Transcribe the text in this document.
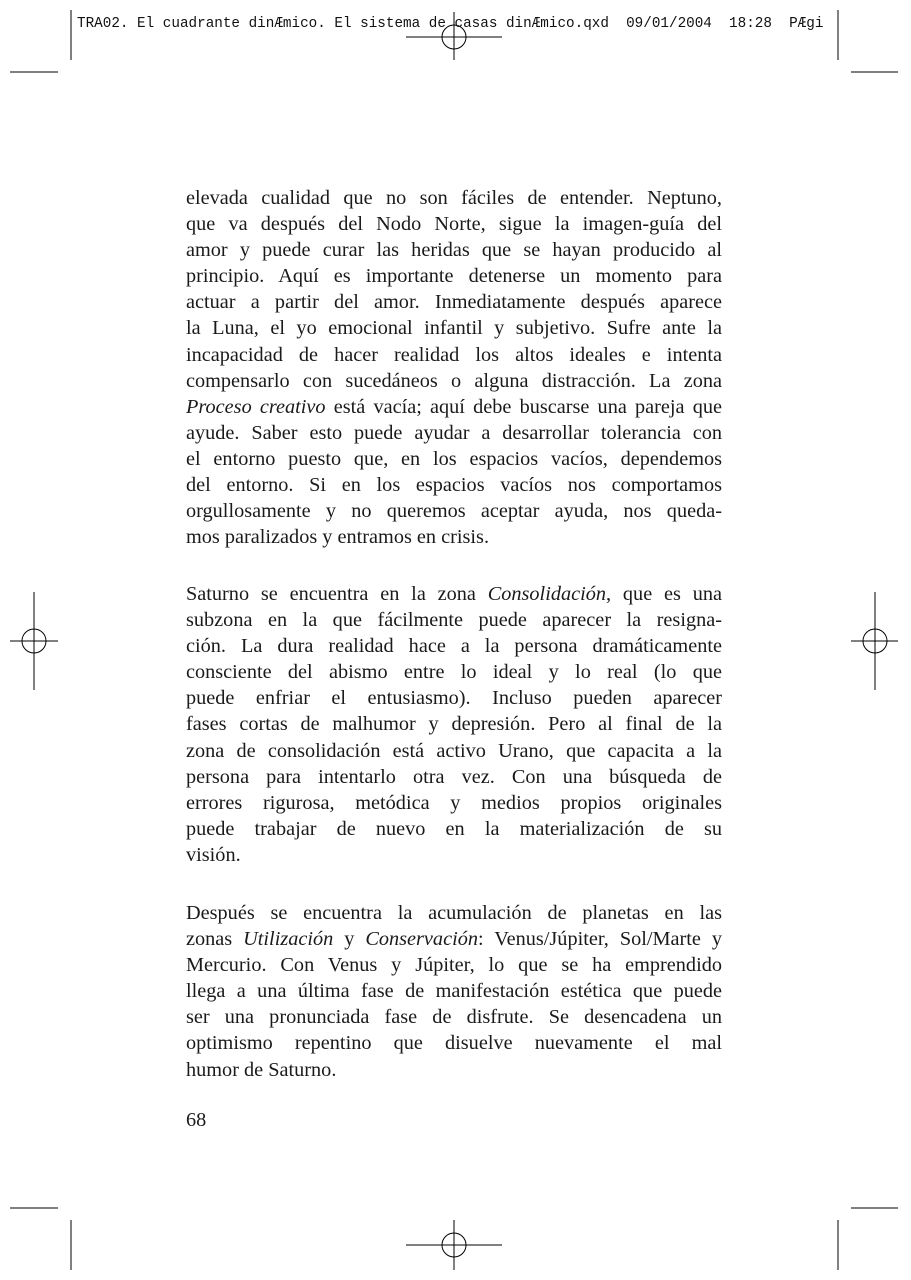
TRA02. El cuadrante dinÆmico. El sistema de casas dinÆmico.qxd  09/01/2004  18:28  PÆgi
elevada cualidad que no son fáciles de entender. Neptuno,
que va después del Nodo Norte, sigue la imagen-guía del
amor y puede curar las heridas que se hayan producido al
principio. Aquí es importante detenerse un momento para
actuar a partir del amor. Inmediatamente después aparece
la Luna, el yo emocional infantil y subjetivo. Sufre ante la
incapacidad de hacer realidad los altos ideales e intenta
compensarlo con sucedáneos o alguna distracción. La zona
Proceso creativo está vacía; aquí debe buscarse una pareja que
ayude. Saber esto puede ayudar a desarrollar tolerancia con
el entorno puesto que, en los espacios vacíos, dependemos
del entorno. Si en los espacios vacíos nos comportamos
orgullosamente y no queremos aceptar ayuda, nos queda-
mos paralizados y entramos en crisis.
Saturno se encuentra en la zona Consolidación, que es una
subzona en la que fácilmente puede aparecer la resigna-
ción. La dura realidad hace a la persona dramáticamente
consciente del abismo entre lo ideal y lo real (lo que
puede enfriar el entusiasmo). Incluso pueden aparecer
fases cortas de malhumor y depresión. Pero al final de la
zona de consolidación está activo Urano, que capacita a la
persona para intentarlo otra vez. Con una búsqueda de
errores rigurosa, metódica y medios propios originales
puede trabajar de nuevo en la materialización de su
visión.
Después se encuentra la acumulación de planetas en las
zonas Utilización y Conservación: Venus/Júpiter, Sol/Marte y
Mercurio. Con Venus y Júpiter, lo que se ha emprendido
llega a una última fase de manifestación estética que puede
ser una pronunciada fase de disfrute. Se desencadena un
optimismo repentino que disuelve nuevamente el mal
humor de Saturno.
68
